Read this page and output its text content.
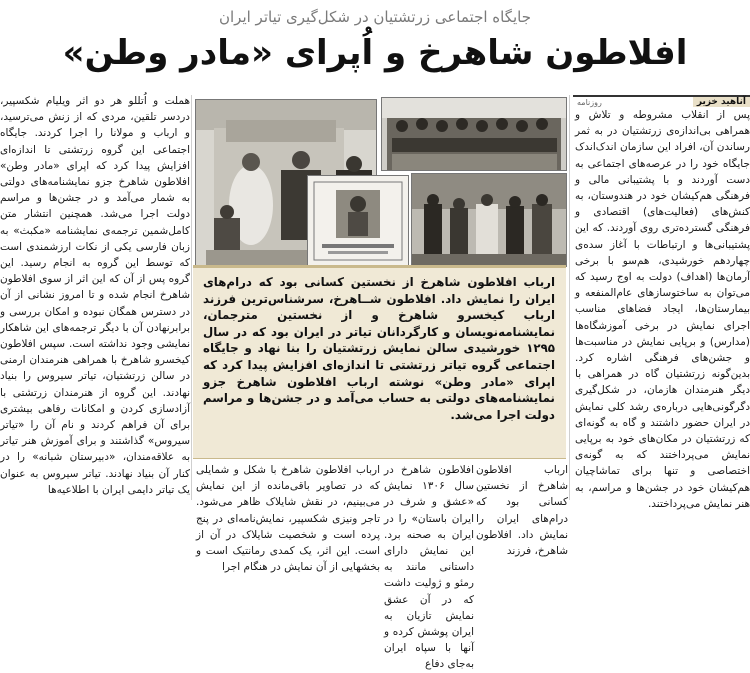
جایگاه اجتماعی زرتشتیان در شکل‌گیری تیاتر ایران
افلاطون شاهرخ و اُپرای «مادر وطن»
آناهید خزیر
روزنامه

پس از انقلاب مشروطه و تلاش و همراهی بی‌اندازه‌ی زرتشتیان در به ثمر رساندن آن، افراد این سازمان اندک‌اندک جایگاه خود را در عرصه‌های اجتماعی به دست آوردند و با پشتیبانی مالی و فرهنگی هم‌کیشان خود در هندوستان، به کنش‌های (فعالیت‌های) اقتصادی و فرهنگی گسترده‌تری روی آوردند. که این پشتیبانی‌ها و ارتباطات با آغاز سده‌ی چهاردهم خورشیدی، هم‌سو با برخی آرمان‌ها (اهداف) دولت به اوج رسید که می‌توان به ساختوسازهای عام‌المنفعه و بیمارستان‌ها، ایجاد فضاهای مناسب اجرای نمایش در برخی آموزشگاه‌ها (مدارس) و برپایی نمایش در مناسبت‌ها و جشن‌های فرهنگی اشاره کرد. بدین‌گونه زرتشتیان گاه در همراهی با دیگر هنرمندان هازمان، در شکل‌گیری دگرگونی‌هایی درباره‌ی رشد کلی نمایش در ایران حضور داشتند و گاه به گونه‌ای که زرتشتیان در مکان‌های خود به برپایی نمایش می‌پرداختند که به گونه‌ی اختصاصی و تنها برای تماشاچیان هم‌کیشان خود در جشن‌ها و مراسم، به هنر نمایش می‌پرداختند.

هملت و اُتللو هر دو اثر ویلیام شکسپیر، دردسر تلقین، مردی که از زنش می‌ترسید، و ارباب و مولانا را اجرا کردند. جایگاه اجتماعی این گروه زرتشتی تا اندازه‌ای افزایش پیدا کرد که اپرای «مادر وطن» افلاطون شاهرخ جزو نمایشنامه‌های دولتی به شمار می‌آمد و در جشن‌ها و مراسم دولت اجرا می‌شد. همچنین انتشار متن کامل‌شمین ترجمه‌ی نمایشنامه «مکبث» به زبان فارسی یکی از نکات ارزشمندی است که توسط این گروه به انجام رسید. این گروه پس از آن که این اثر از سوی افلاطون شاهرخ انجام شده و تا امروز نشانی از آن در دسترس همگان نبوده و امکان بررسی و برابرنهادن آن با دیگر ترجمه‌های این شاهکار نمایشی وجود نداشته است. سپس افلاطون کیخسرو شاهرخ با همراهی هنرمندان ارمنی در سالن زرتشتیان، تیاتر سیروس را بنیاد نهادند. این گروه از هنرمندان زرتشتی با آزادسازی کردن و امکانات رفاهی بیشتری برای آن فراهم کردند و نام آن را «تیاتر سیروس» گذاشتند و برای آموزش هنر تیاتر به علاقه‌مندان، «دبیرستان شبانه» را در کنار آن بنیاد نهادند. تیاتر سیروس به عنوان یک تیاتر دایمی ایران با اطلاعیه‌ها

ارباب افلاطون شاهرخ از نخستین کسانی بود که درام‌های ایران را نمایش داد. افلاطون شــاهرخ، سرشناس‌ترین فرزند ارباب کیخسرو شاهرخ و از نخستین مترجمان، نمایشنامه‌نویسان و کارگردانان تیاتر در ایران بود که در سال ۱۲۹۵ خورشیدی سالن نمایش زرتشتیان را بنا نهاد و جایگاه اجتماعی گروه تیاتر زرتشتی تا اندازه‌ای افزایش پیدا کرد که اپرای «مادر وطن» نوشته ارباب افلاطون شاهرخ جزو نمایشنامه‌های دولتی به حساب می‌آمد و در جشن‌ها و مراسم دولت اجرا می‌شد.

ارباب افلاطون شاهرخ از نخستین کسانی بود که درام‌های ایران را نمایش داد. افلاطون شاهرخ، فرزند

افلاطون شاهرخ در سال ۱۳۰۶ نمایش «عشق و شرف در ایران باستان» را در ایران به صحنه برد. این نمایش دارای داستانی مانند به رمئو و ژولیت داشت که در آن عشق نمایش تازیان به ایران پوشش کرده و آنها با سپاه ایران به‌جای دفاع

ارباب افلاطون شاهرخ با شکل و شمایلی که در تصاویر باقی‌مانده از این نمایش می‌بینیم، در نقش شایلاک ظاهر می‌شود. تاجر ونیزی شکسپیر، نمایش‌نامه‌ای در پنج پرده است و شخصیت شایلاک در آن از است. این اثر، یک کمدی رمانتیک است و بخشهایی از آن نمایش در هنگام اجرا
